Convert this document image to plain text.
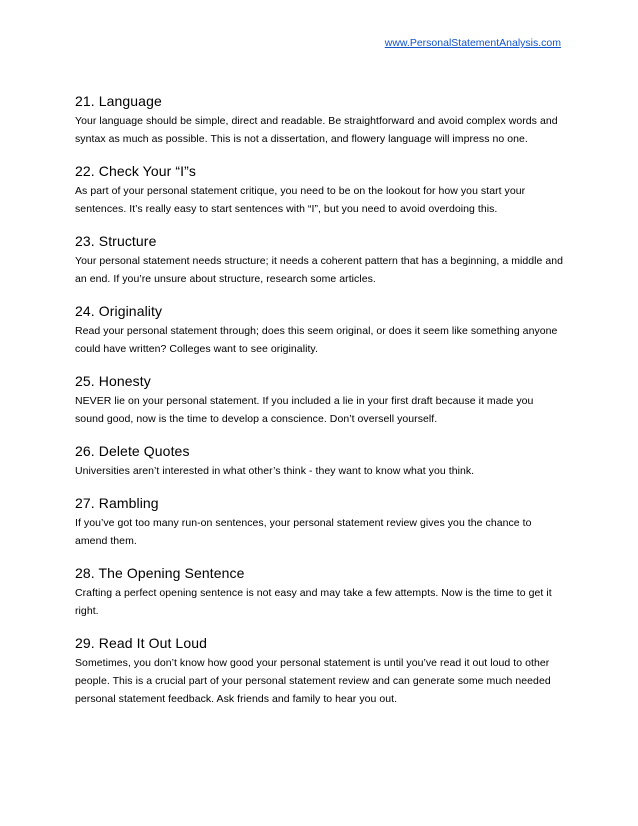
www.PersonalStatementAnalysis.com
21. Language

Your language should be simple, direct and readable. Be straightforward and avoid complex words and syntax as much as possible. This is not a dissertation, and flowery language will impress no one.

22. Check Your “I”s

As part of your personal statement critique, you need to be on the lookout for how you start your sentences. It’s really easy to start sentences with “I”, but you need to avoid overdoing this.

23. Structure

Your personal statement needs structure; it needs a coherent pattern that has a beginning, a middle and an end. If you’re unsure about structure, research some articles.

24. Originality

Read your personal statement through; does this seem original, or does it seem like something anyone could have written? Colleges want to see originality.

25. Honesty

NEVER lie on your personal statement. If you included a lie in your first draft because it made you sound good, now is the time to develop a conscience. Don’t oversell yourself.

26. Delete Quotes

Universities aren’t interested in what other’s think - they want to know what you think.

27. Rambling

If you’ve got too many run-on sentences, your personal statement review gives you the chance to amend them.

28. The Opening Sentence

Crafting a perfect opening sentence is not easy and may take a few attempts. Now is the time to get it right.

29. Read It Out Loud

Sometimes, you don’t know how good your personal statement is until you’ve read it out loud to other people. This is a crucial part of your personal statement review and can generate some much needed personal statement feedback. Ask friends and family to hear you out.
